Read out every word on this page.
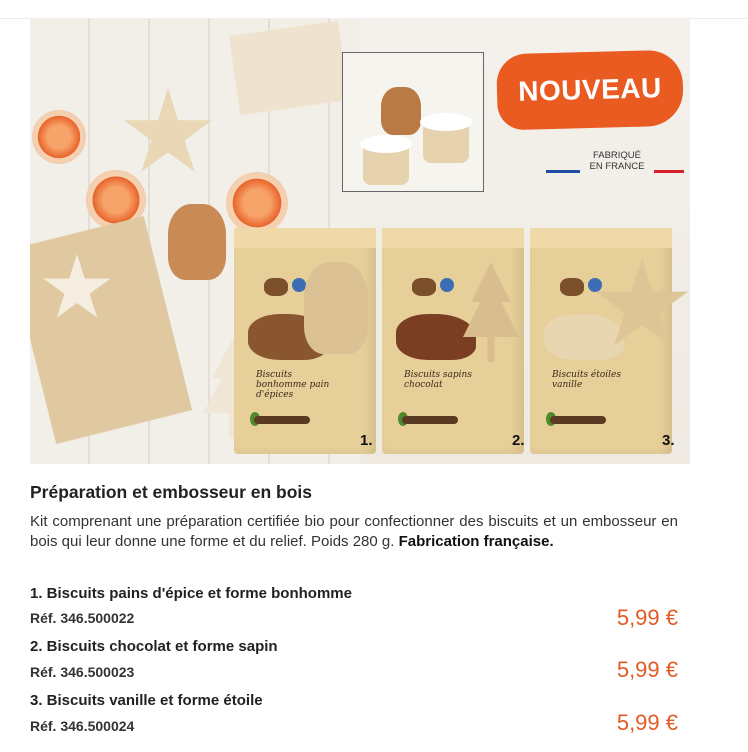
NOUVEAU
FABRIQUÉ
EN FRANCE
Biscuits bonhomme pain d'épices
Biscuits sapins chocolat
Biscuits étoiles vanille
1.	2.	3.
Préparation et embosseur en bois
Kit comprenant une préparation certifiée bio pour confectionner des biscuits et un embosseur en bois qui leur donne une forme et du relief. Poids 280 g. Fabrication française.
1. Biscuits pains d'épice et forme bonhomme
Réf. 346.500022	5,99 €
2. Biscuits chocolat et forme sapin
Réf. 346.500023	5,99 €
3. Biscuits vanille et forme étoile
Réf. 346.500024	5,99 €
